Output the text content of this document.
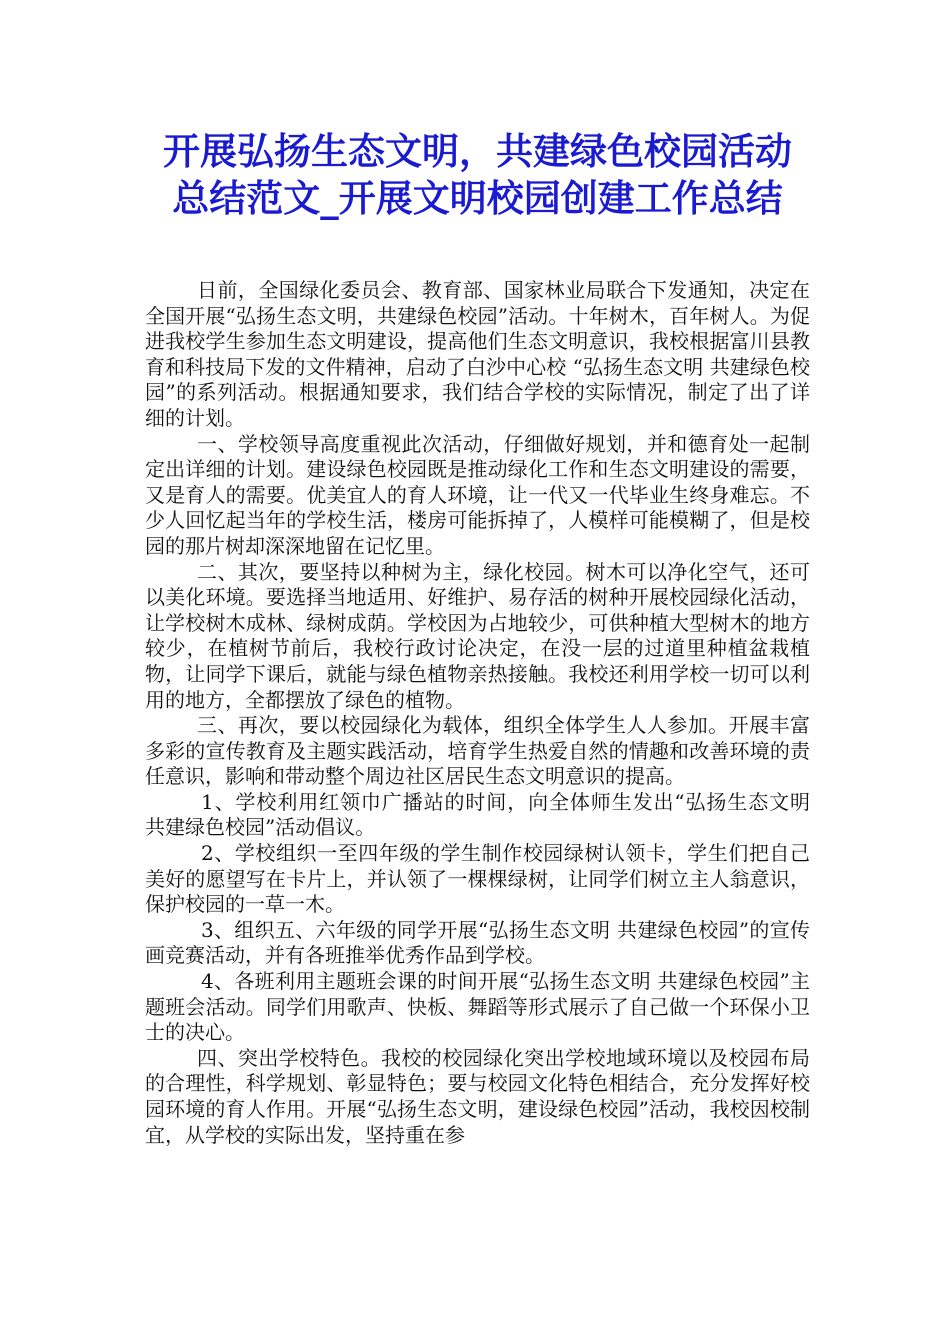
开展弘扬生态文明，共建绿色校园活动总结范文_开展文明校园创建工作总结

日前，全国绿化委员会、教育部、国家林业局联合下发通知，决定在全国开展“弘扬生态文明，共建绿色校园”活动。十年树木，百年树人。为促进我校学生参加生态文明建设，提高他们生态文明意识，我校根据富川县教育和科技局下发的文件精神，启动了白沙中心校 “弘扬生态文明 共建绿色校园”的系列活动。根据通知要求，我们结合学校的实际情况，制定了出了详细的计划。

一、学校领导高度重视此次活动，仔细做好规划，并和德育处一起制定出详细的计划。建设绿色校园既是推动绿化工作和生态文明建设的需要，又是育人的需要。优美宜人的育人环境，让一代又一代毕业生终身难忘。不少人回忆起当年的学校生活，楼房可能拆掉了，人模样可能模糊了，但是校园的那片树却深深地留在记忆里。

二、其次，要坚持以种树为主，绿化校园。树木可以净化空气，还可以美化环境。要选择当地适用、好维护、易存活的树种开展校园绿化活动，让学校树木成林、绿树成荫。学校因为占地较少，可供种植大型树木的地方较少，在植树节前后，我校行政讨论决定，在没一层的过道里种植盆栽植物，让同学下课后，就能与绿色植物亲热接触。我校还利用学校一切可以利用的地方，全都摆放了绿色的植物。

三、再次，要以校园绿化为载体，组织全体学生人人参加。开展丰富多彩的宣传教育及主题实践活动，培育学生热爱自然的情趣和改善环境的责任意识，影响和带动整个周边社区居民生态文明意识的提高。

1、学校利用红领巾广播站的时间，向全体师生发出“弘扬生态文明 共建绿色校园”活动倡议。

2、学校组织一至四年级的学生制作校园绿树认领卡，学生们把自己美好的愿望写在卡片上，并认领了一棵棵绿树，让同学们树立主人翁意识，保护校园的一草一木。

3、组织五、六年级的同学开展“弘扬生态文明 共建绿色校园”的宣传画竞赛活动，并有各班推举优秀作品到学校。

4、各班利用主题班会课的时间开展“弘扬生态文明 共建绿色校园”主题班会活动。同学们用歌声、快板、舞蹈等形式展示了自己做一个环保小卫士的决心。

四、突出学校特色。我校的校园绿化突出学校地域环境以及校园布局的合理性，科学规划、彰显特色；要与校园文化特色相结合，充分发挥好校园环境的育人作用。开展“弘扬生态文明，建设绿色校园”活动，我校因校制宜，从学校的实际出发，坚持重在参
